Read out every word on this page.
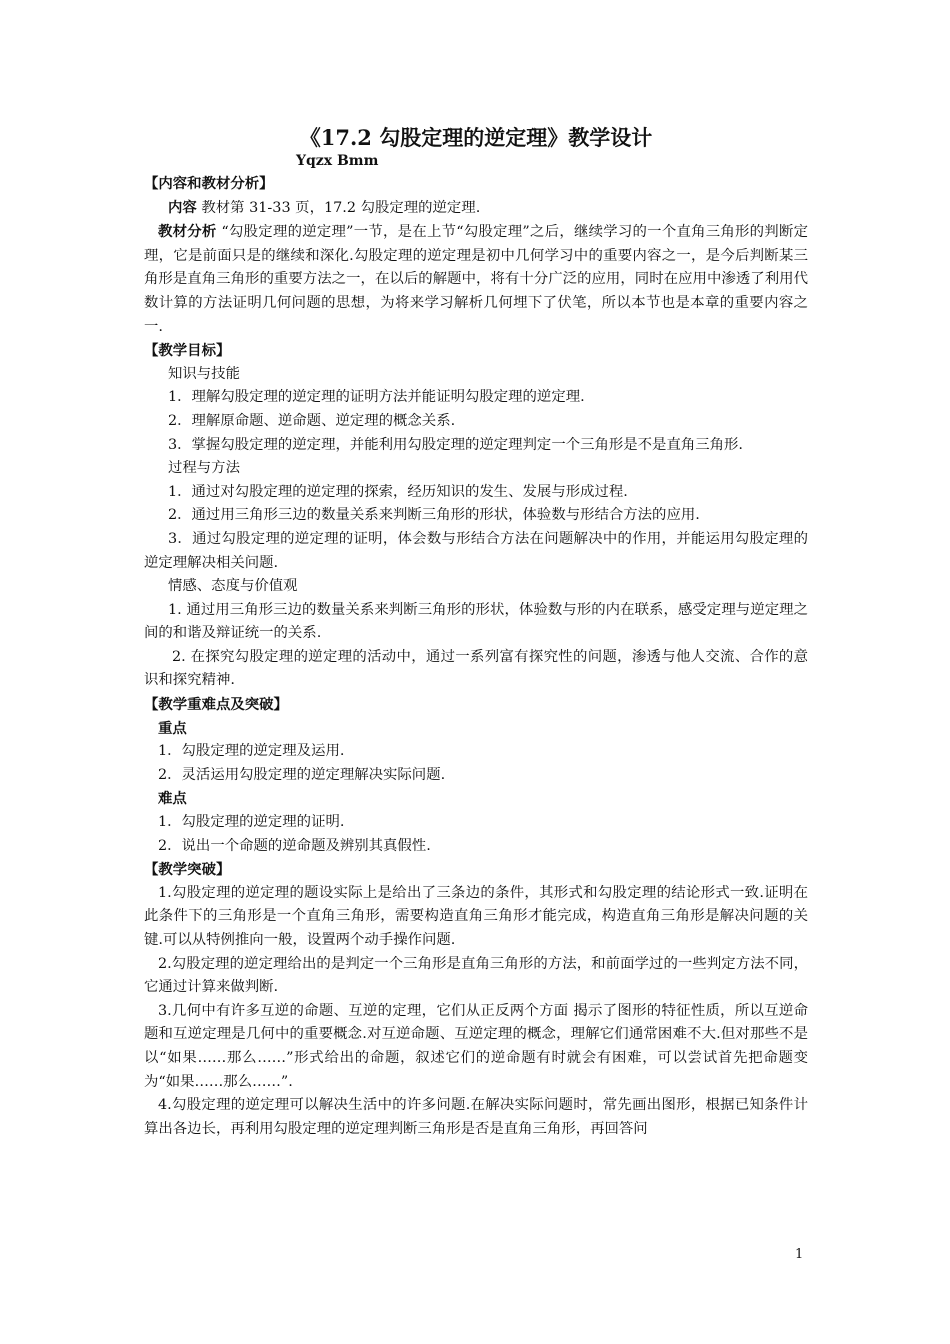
《17.2 勾股定理的逆定理》教学设计

Yqzx Bmm

【内容和教材分析】

内容 教材第 31-33 页，17.2 勾股定理的逆定理.

教材分析 “勾股定理的逆定理”一节，是在上节“勾股定理”之后，继续学习的一个直角三角形的判断定理，它是前面只是的继续和深化.勾股定理的逆定理是初中几何学习中的重要内容之一，是今后判断某三角形是直角三角形的重要方法之一，在以后的解题中，将有十分广泛的应用，同时在应用中渗透了利用代数计算的方法证明几何问题的思想，为将来学习解析几何埋下了伏笔，所以本节也是本章的重要内容之一.

【教学目标】

知识与技能

1．理解勾股定理的逆定理的证明方法并能证明勾股定理的逆定理.

2．理解原命题、逆命题、逆定理的概念关系.

3．掌握勾股定理的逆定理，并能利用勾股定理的逆定理判定一个三角形是不是直角三角形.

过程与方法

1．通过对勾股定理的逆定理的探索，经历知识的发生、发展与形成过程.

2．通过用三角形三边的数量关系来判断三角形的形状，体验数与形结合方法的应用.

3．通过勾股定理的逆定理的证明，体会数与形结合方法在问题解决中的作用，并能运用勾股定理的逆定理解决相关问题.

情感、态度与价值观

1. 通过用三角形三边的数量关系来判断三角形的形状，体验数与形的内在联系，感受定理与逆定理之间的和谐及辩证统一的关系.

2. 在探究勾股定理的逆定理的活动中，通过一系列富有探究性的问题，渗透与他人交流、合作的意识和探究精神.

【教学重难点及突破】

重点

1．勾股定理的逆定理及运用.

2．灵活运用勾股定理的逆定理解决实际问题.

难点

1．勾股定理的逆定理的证明.

2．说出一个命题的逆命题及辨别其真假性.

【教学突破】

1.勾股定理的逆定理的题设实际上是给出了三条边的条件，其形式和勾股定理的结论形式一致.证明在此条件下的三角形是一个直角三角形，需要构造直角三角形才能完成，构造直角三角形是解决问题的关键.可以从特例推向一般，设置两个动手操作问题.

2.勾股定理的逆定理给出的是判定一个三角形是直角三角形的方法，和前面学过的一些判定方法不同，它通过计算来做判断.

3.几何中有许多互逆的命题、互逆的定理，它们从正反两个方面 揭示了图形的特征性质，所以互逆命题和互逆定理是几何中的重要概念.对互逆命题、互逆定理的概念，理解它们通常困难不大.但对那些不是以“如果……那么……”形式给出的命题，叙述它们的逆命题有时就会有困难，可以尝试首先把命题变为“如果……那么……”.

4.勾股定理的逆定理可以解决生活中的许多问题.在解决实际问题时，常先画出图形，根据已知条件计算出各边长，再利用勾股定理的逆定理判断三角形是否是直角三角形，再回答问

1
